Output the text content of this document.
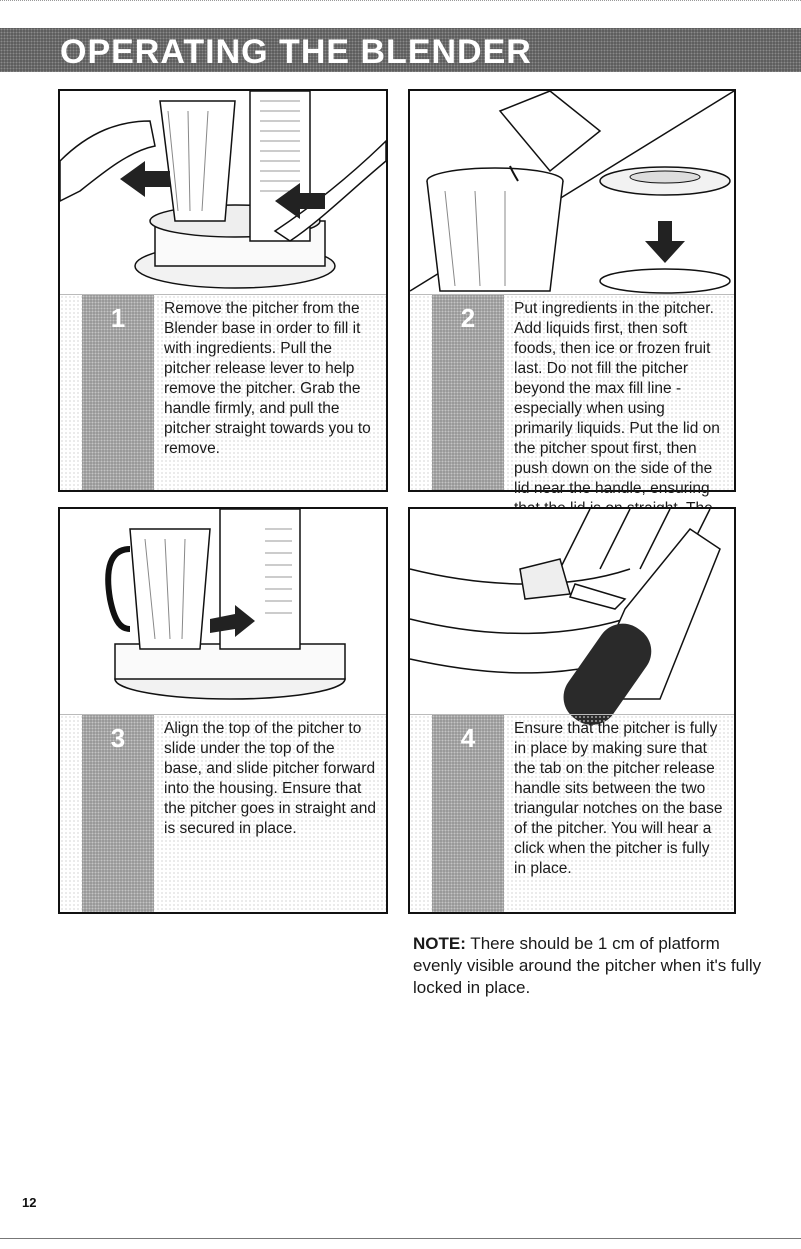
OPERATING THE BLENDER
1	Remove the pitcher from the Blender base in order to fill it with ingredients. Pull the pitcher release lever to help remove the pitcher. Grab the handle firmly, and pull the pitcher straight towards you to remove.
2	Put ingredients in the pitcher. Add liquids first, then soft foods, then ice or frozen fruit last. Do not fill the pitcher beyond the max fill line - especially when using primarily liquids. Put the lid on the pitcher spout first, then push down on the side of the lid near the handle, ensuring
3	Align the top of the pitcher to slide under the top of the base, and slide pitcher forward into the housing. Ensure that the pitcher goes in straight and is secured in place.
4	Ensure that the pitcher is fully in place by making sure that the tab on the pitcher release handle sits between the two triangular notches on the base of the pitcher. You will hear a click when the pitcher is fully in place.
NOTE: There should be 1 cm of platform evenly visible around the pitcher when it's fully locked in place.
12
